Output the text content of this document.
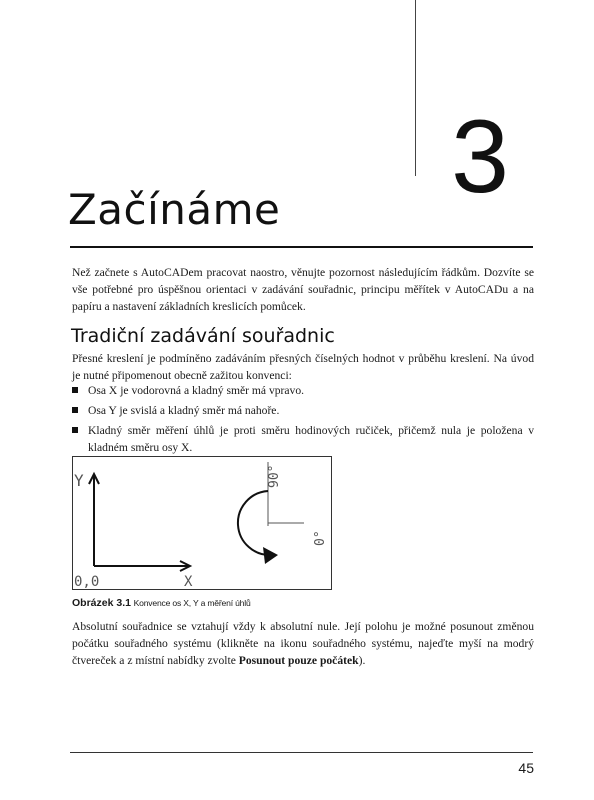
3
Začínáme

Než začnete s AutoCADem pracovat naostro, věnujte pozornost následujícím řádkům. Dozvíte se vše potřebné pro úspěšnou orientaci v zadávání souřadnic, principu měřítek v AutoCADu a na papíru a nastavení základních kreslicích pomůcek.

Tradiční zadávání souřadnic

Přesné kreslení je podmíněno zadáváním přesných číselných hodnot v průběhu kreslení. Na úvod je nutné připomenout obecně zažitou konvenci:

Osa X je vodorovná a kladný směr má vpravo.
Osa Y je svislá a kladný směr má nahoře.
Kladný směr měření úhlů je proti směru hodinových ručiček, přičemž nula je položena v kladném směru osy X.
Y
X
0,0
90°
0°
Obrázek 3.1 Konvence os X, Y a měření úhlů

Absolutní souřadnice se vztahují vždy k absolutní nule. Její polohu je možné posunout změnou počátku souřadného systému (klikněte na ikonu souřadného systému, najeďte myší na modrý čtvereček a z místní nabídky zvolte Posunout pouze počátek).

45
